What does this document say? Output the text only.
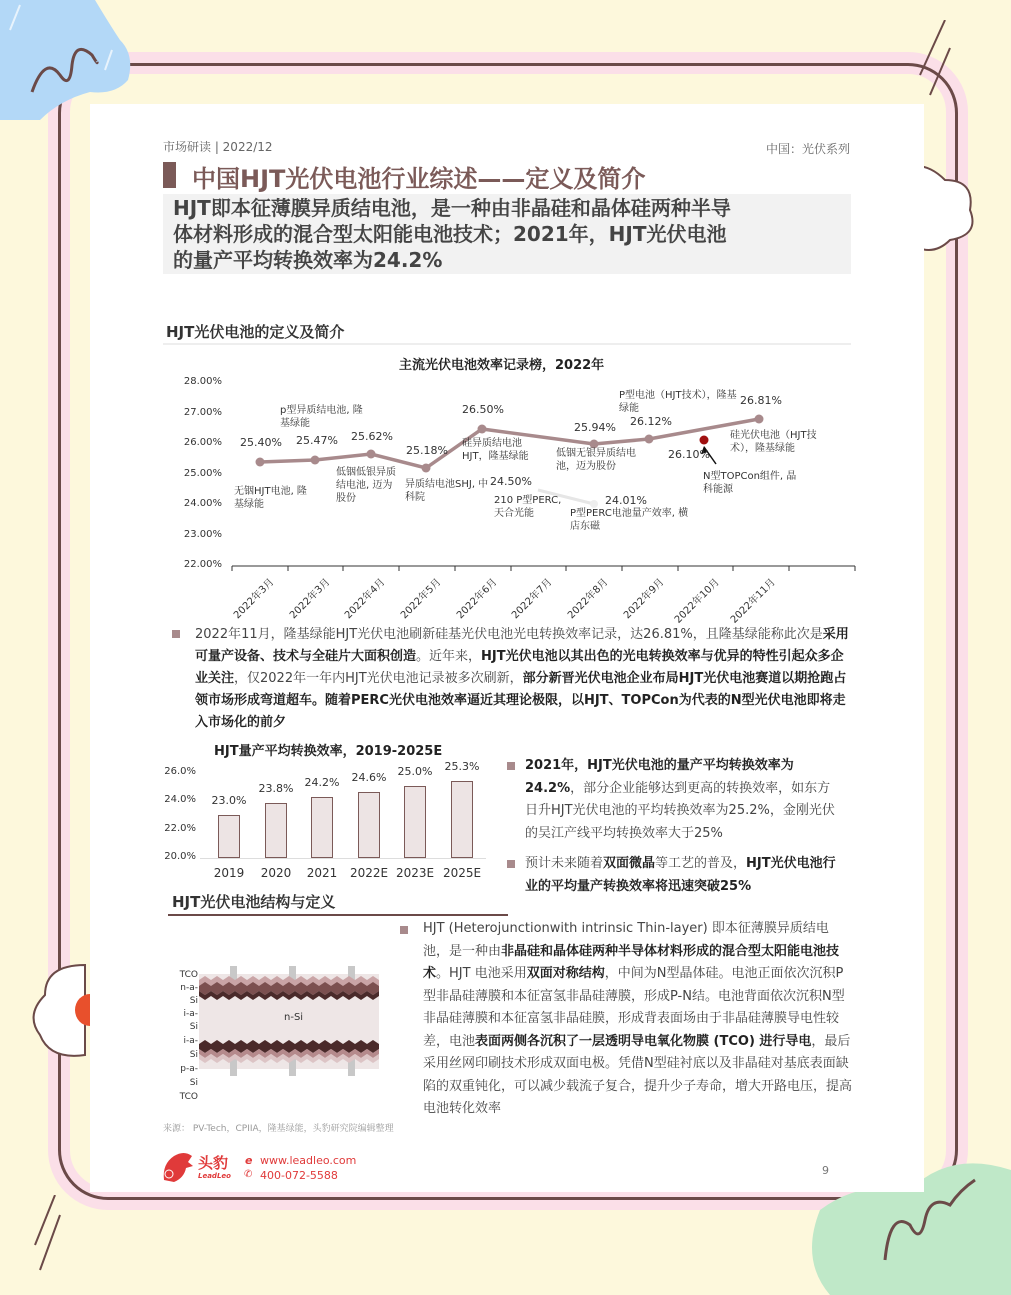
市场研读 | 2022/12	中国：光伏系列
中国HJT光伏电池行业综述——定义及简介
HJT即本征薄膜异质结电池，是一种由非晶硅和晶体硅两种半导
体材料形成的混合型太阳能电池技术；2021年，HJT光伏电池
的量产平均转换效率为24.2%
HJT光伏电池的定义及简介
主流光伏电池效率记录榜，2022年
28.00%
27.00%
26.00%
25.00%
24.00%
23.00%
22.00%
25.40% 25.47% 25.62%
25.18%
26.50%
25.94% 26.12%
26.81%
24.50%
24.01%
26.10%
无铟HJT电池, 隆基绿能
p型异质结电池, 隆基绿能
低铟低银异质结电池, 迈为股份
异质结电池SHJ, 中科院
硅异质结电池HJT，隆基绿能	低铟无银异质结电池，迈为股份
P型电池（HJT技术），隆基绿能
硅光伏电池（HJT技术），隆基绿能
210 P型PERC, 天合光能	P型PERC电池量产效率, 横店东磁
N型TOPCon组件, 晶科能源
2022年3月 2022年3月 2022年4月 2022年5月 2022年6月 2022年7月 2022年8月 2022年9月 2022年10月 2022年11月
2022年11月，隆基绿能HJT光伏电池刷新硅基光伏电池光电转换效率记录，达26.81%，且隆基绿能称此次是采用可量产设备、技术与全硅片大面积创造。近年来，HJT光伏电池以其出色的光电转换效率与优异的特性引起众多企业关注，仅2022年一年内HJT光伏电池记录被多次刷新，部分新晋光伏电池企业布局HJT光伏电池赛道以期抢跑占领市场形成弯道超车。随着PERC光伏电池效率逼近其理论极限，以HJT、TOPCon为代表的N型光伏电池即将走入市场化的前夕
HJT量产平均转换效率，2019-2025E
26.0%
24.0%
22.0%
20.0%
23.0%
23.8%	24.2%	24.6%	25.0%	25.3%
2019	2020	2021	2022E 2023E 2025E
2021年，HJT光伏电池的量产平均转换效率为24.2%，部分企业能够达到更高的转换效率，如东方日升HJT光伏电池的平均转换效率为25.2%，金刚光伏的吴江产线平均转换效率大于25%
预计未来随着双面微晶等工艺的普及，HJT光伏电池行业的平均量产转换效率将迅速突破25%
HJT光伏电池结构与定义
TCO
n-a-Si
i-a-Si
n-Si
i-a-Si
p-a-Si
TCO
HJT (Heterojunctionwith intrinsic Thin-layer) 即本征薄膜异质结电池，是一种由非晶硅和晶体硅两种半导体材料形成的混合型太阳能电池技术。HJT 电池采用双面对称结构，中间为N型晶体硅。电池正面依次沉积P型非晶硅薄膜和本征富氢非晶硅薄膜，形成P-N结。电池背面依次沉积N型非晶硅薄膜和本征富氢非晶硅膜，形成背表面场由于非晶硅薄膜导电性较差，电池表面两侧各沉积了一层透明导电氧化物膜 (TCO) 进行导电，最后采用丝网印刷技术形成双面电极。凭借N型硅衬底以及非晶硅对基底表面缺陷的双重钝化，可以减少载流子复合，提升少子寿命，增大开路电压，提高电池转化效率
来源： PV-Tech，CPIIA，隆基绿能，头豹研究院编辑整理
头豹
LeadLeo
e www.leadleo.com
✆ 400-072-5588	9
